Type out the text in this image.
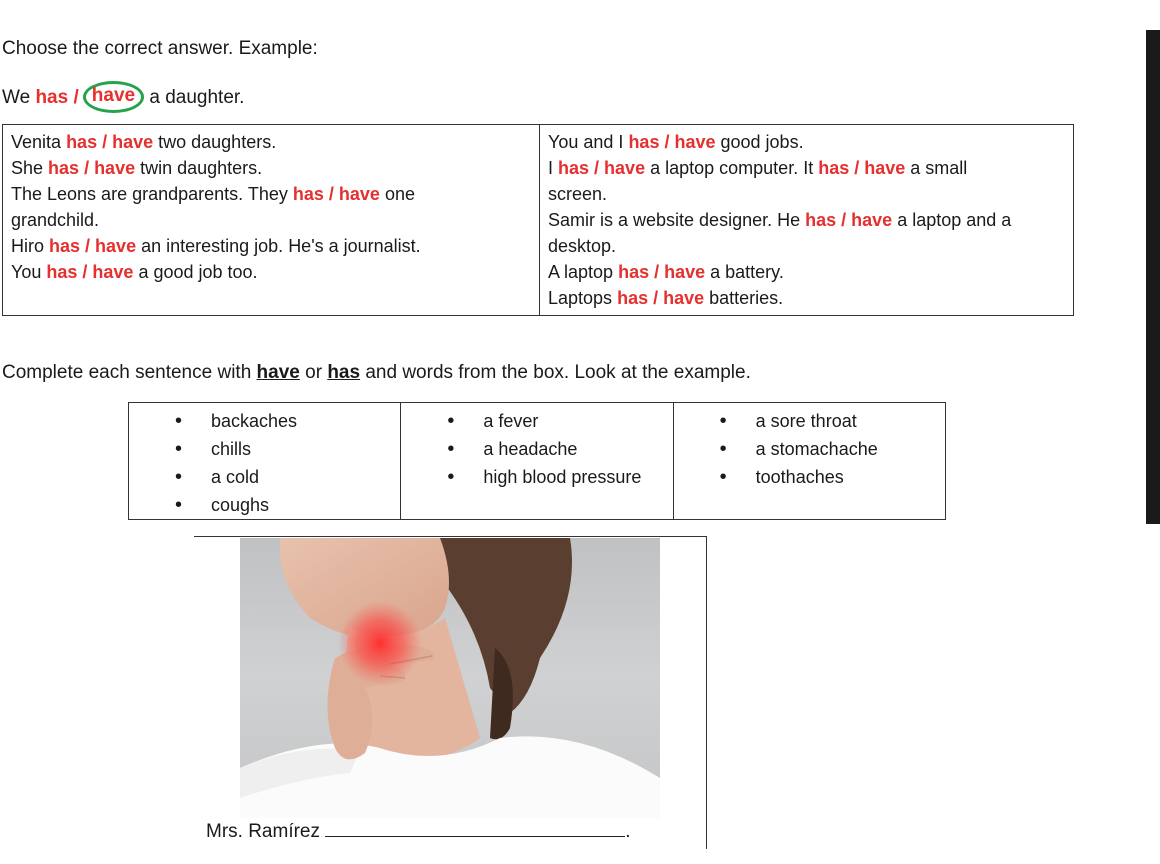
Choose the correct answer. Example:
We has / have a daughter.
Venita has / have two daughters.
She has / have twin daughters.
The Leons are grandparents. They has / have one grandchild.
Hiro has / have an interesting job. He's a journalist.
You has / have a good job too.

You and I has / have good jobs.
I has / have a laptop computer. It has / have a small screen.
Samir is a website designer. He has / have a laptop and a desktop.
A laptop has / have a battery.
Laptops has / have batteries.
Complete each sentence with have or has and words from the box. Look at the example.
• backaches
• chills
• a cold
• coughs

• a fever
• a headache
• high blood pressure

• a sore throat
• a stomachache
• toothaches
Mrs. Ramírez	.
